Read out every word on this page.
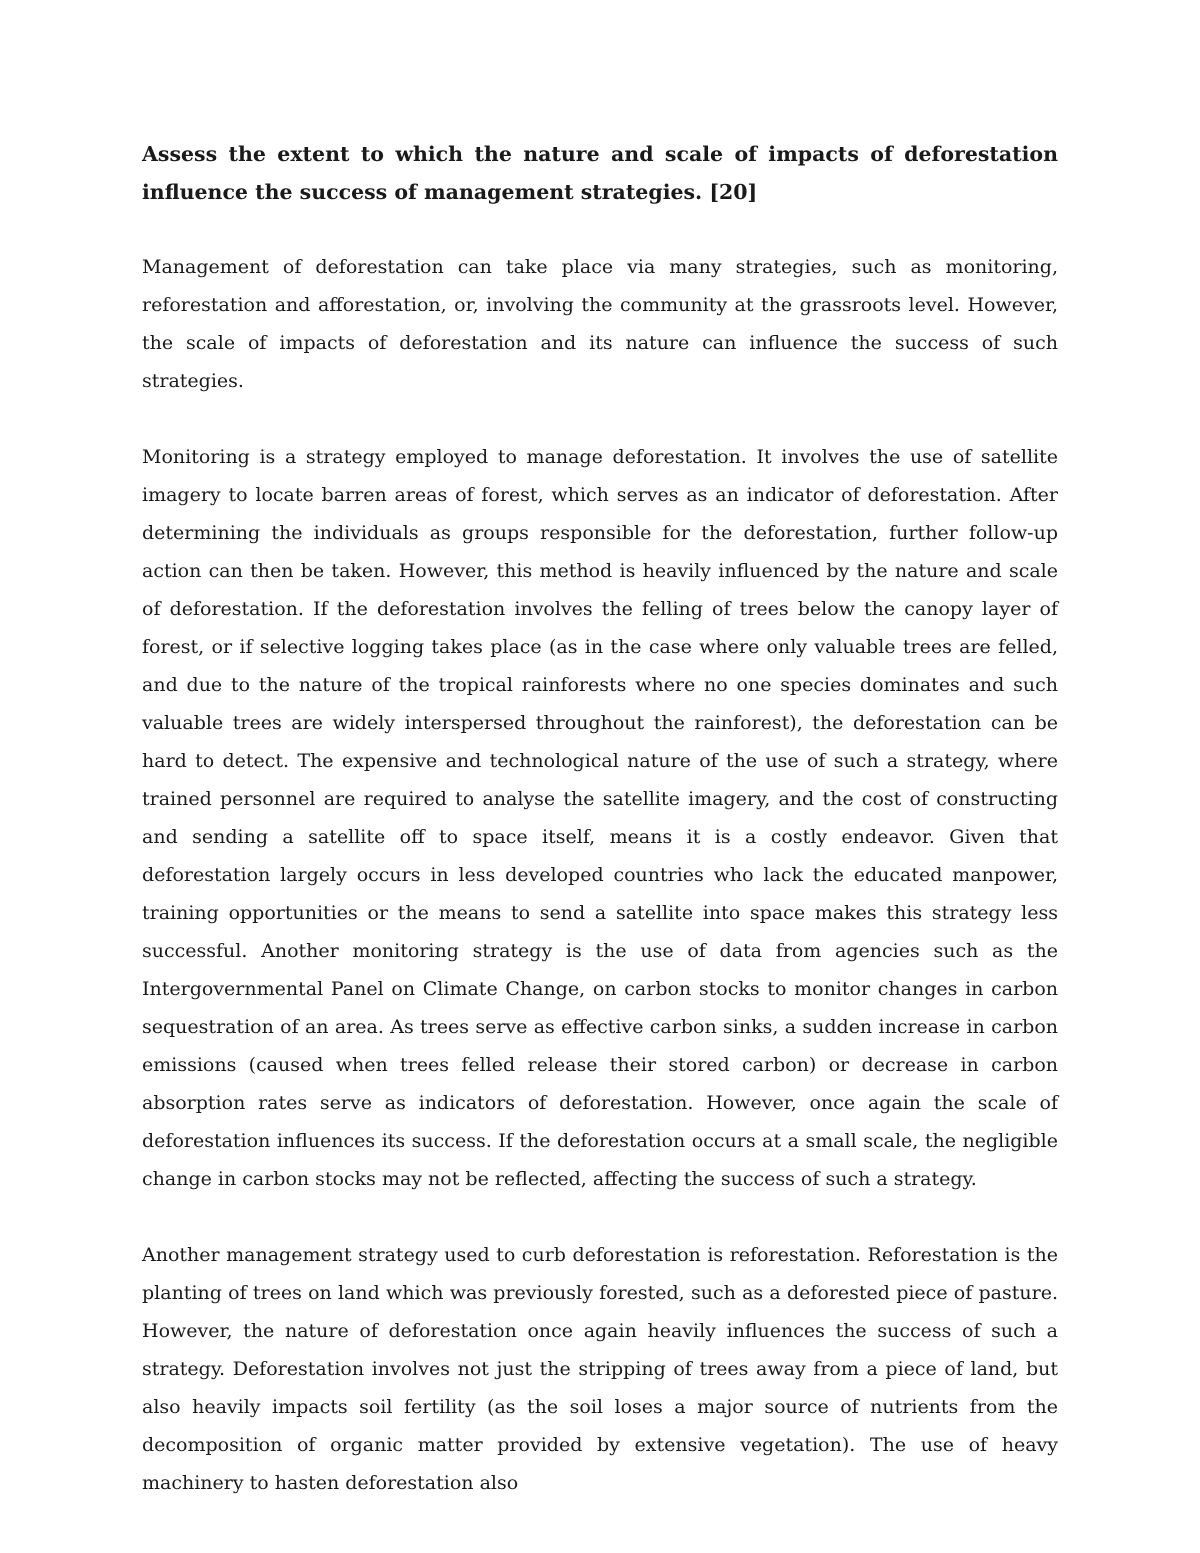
Assess the extent to which the nature and scale of impacts of deforestation influence the success of management strategies. [20]

Management of deforestation can take place via many strategies, such as monitoring, reforestation and afforestation, or, involving the community at the grassroots level. However, the scale of impacts of deforestation and its nature can influence the success of such strategies.

Monitoring is a strategy employed to manage deforestation. It involves the use of satellite imagery to locate barren areas of forest, which serves as an indicator of deforestation. After determining the individuals as groups responsible for the deforestation, further follow-up action can then be taken. However, this method is heavily influenced by the nature and scale of deforestation. If the deforestation involves the felling of trees below the canopy layer of forest, or if selective logging takes place (as in the case where only valuable trees are felled, and due to the nature of the tropical rainforests where no one species dominates and such valuable trees are widely interspersed throughout the rainforest), the deforestation can be hard to detect. The expensive and technological nature of the use of such a strategy, where trained personnel are required to analyse the satellite imagery, and the cost of constructing and sending a satellite off to space itself, means it is a costly endeavor. Given that deforestation largely occurs in less developed countries who lack the educated manpower, training opportunities or the means to send a satellite into space makes this strategy less successful. Another monitoring strategy is the use of data from agencies such as the Intergovernmental Panel on Climate Change, on carbon stocks to monitor changes in carbon sequestration of an area. As trees serve as effective carbon sinks, a sudden increase in carbon emissions (caused when trees felled release their stored carbon) or decrease in carbon absorption rates serve as indicators of deforestation. However, once again the scale of deforestation influences its success. If the deforestation occurs at a small scale, the negligible change in carbon stocks may not be reflected, affecting the success of such a strategy.

Another management strategy used to curb deforestation is reforestation. Reforestation is the planting of trees on land which was previously forested, such as a deforested piece of pasture. However, the nature of deforestation once again heavily influences the success of such a strategy. Deforestation involves not just the stripping of trees away from a piece of land, but also heavily impacts soil fertility (as the soil loses a major source of nutrients from the decomposition of organic matter provided by extensive vegetation). The use of heavy machinery to hasten deforestation also
